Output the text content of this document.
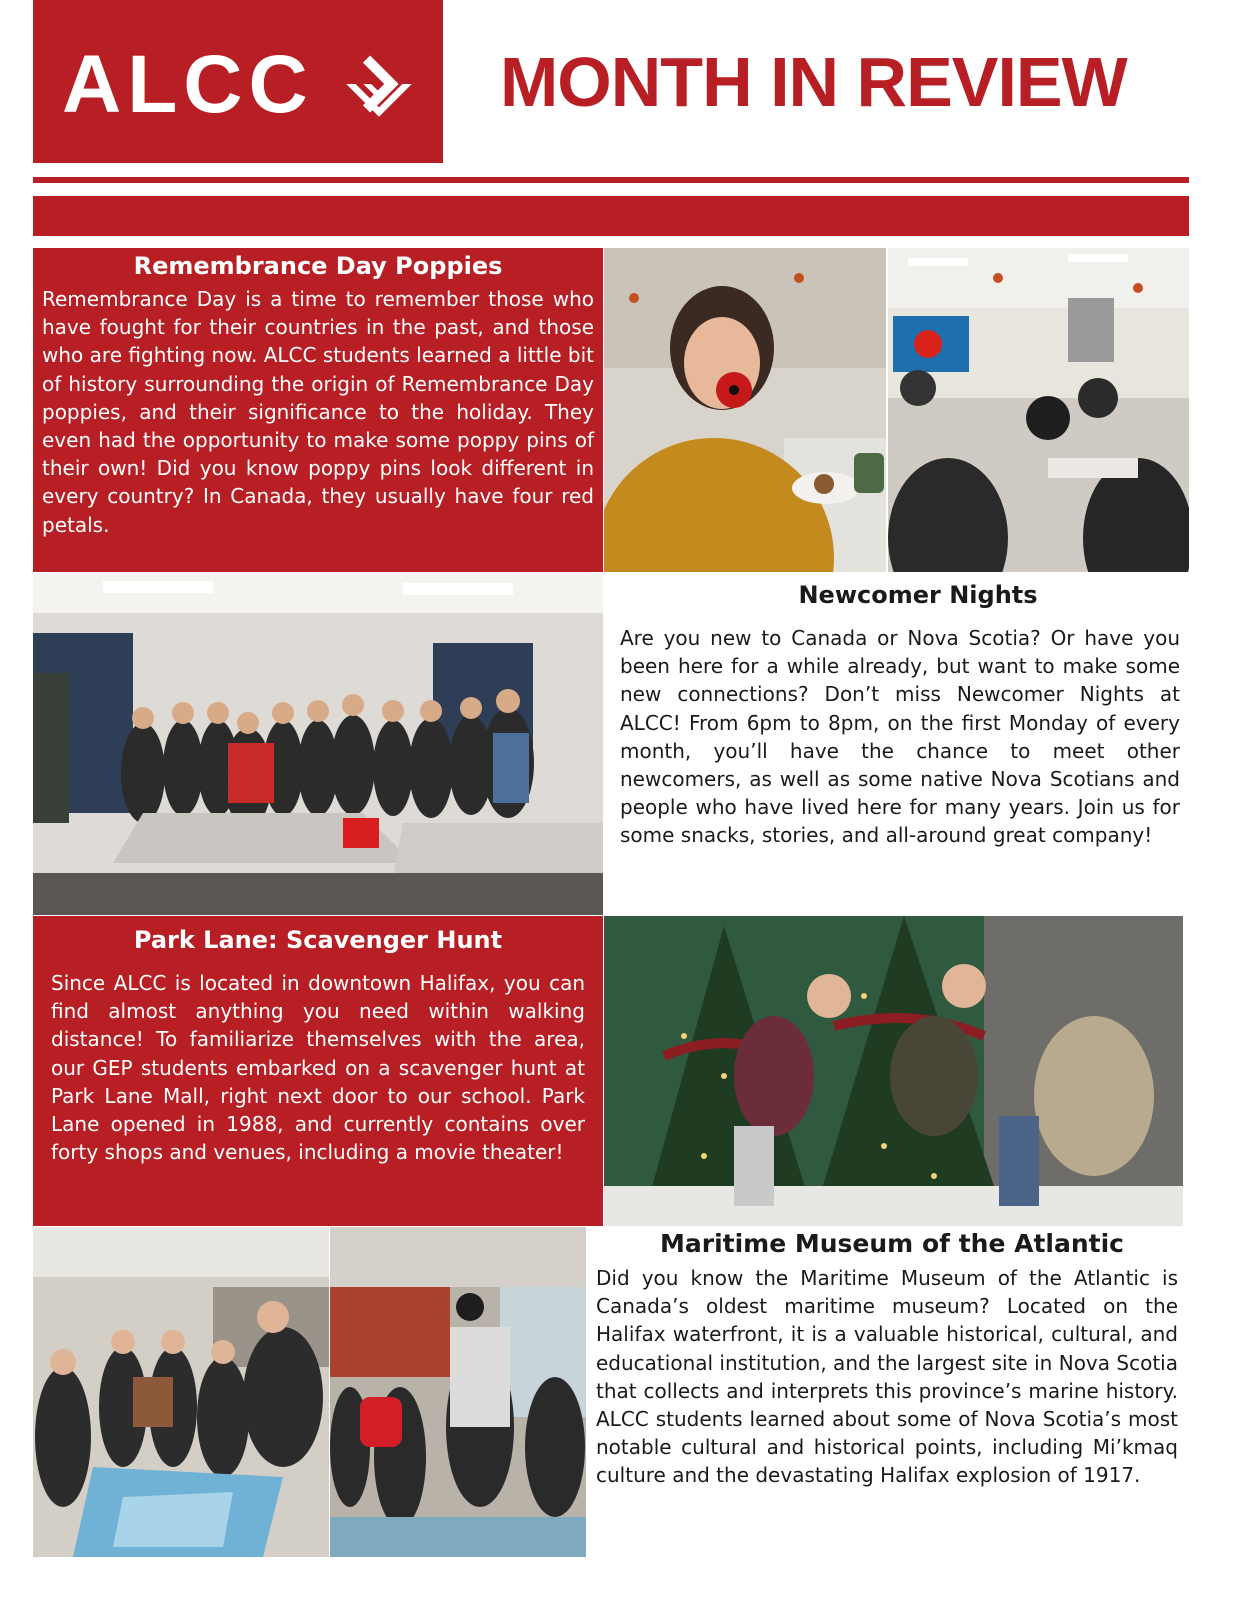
ALCC	MONTH IN REVIEW
Remembrance Day Poppies
Remembrance Day is a time to remember those who have fought for their countries in the past, and those who are fighting now. ALCC students learned a little bit of history surrounding the origin of Remembrance Day poppies, and their significance to the holiday. They even had the opportunity to make some poppy pins of their own! Did you know poppy pins look different in every country? In Canada, they usually have four red petals.
Newcomer Nights
Are you new to Canada or Nova Scotia? Or have you been here for a while already, but want to make some new connections? Don’t miss Newcomer Nights at ALCC! From 6pm to 8pm, on the first Monday of every month, you’ll have the chance to meet other newcomers, as well as some native Nova Scotians and people who have lived here for many years. Join us for some snacks, stories, and all-around great company!
Park Lane: Scavenger Hunt
Since ALCC is located in downtown Halifax, you can find almost anything you need within walking distance! To familiarize themselves with the area, our GEP students embarked on a scavenger hunt at Park Lane Mall, right next door to our school. Park Lane opened in 1988, and currently contains over forty shops and venues, including a movie theater!
Maritime Museum of the Atlantic
Did you know the Maritime Museum of the Atlantic is Canada’s oldest maritime museum? Located on the Halifax waterfront, it is a valuable historical, cultural, and educational institution, and the largest site in Nova Scotia that collects and interprets this province’s marine history. ALCC students learned about some of Nova Scotia’s most notable cultural and historical points, including Mi’kmaq culture and the devastating Halifax explosion of 1917.
